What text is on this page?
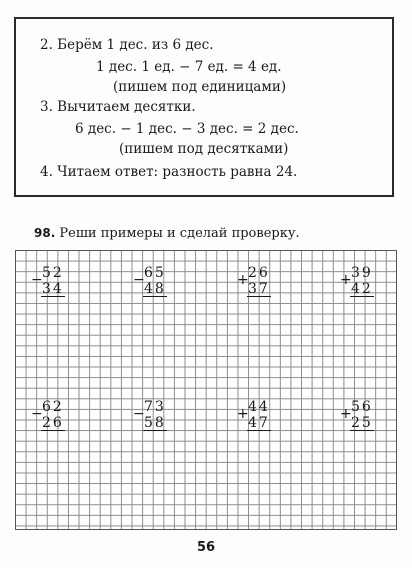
2. Берём 1 дес. из 6 дес.
1 дес. 1 ед. − 7 ед. = 4 ед.
(пишем под единицами)
3. Вычитаем десятки.
6 дес. − 1 дес. − 3 дес. = 2 дес.
(пишем под десятками)
4. Читаем ответ: разность равна 24.
98. Реши примеры и сделай проверку.
− 52
34
− 65
48
+ 26
37
+ 39
42
− 62
26
− 73
58
+ 44
47
+ 56
25
56
